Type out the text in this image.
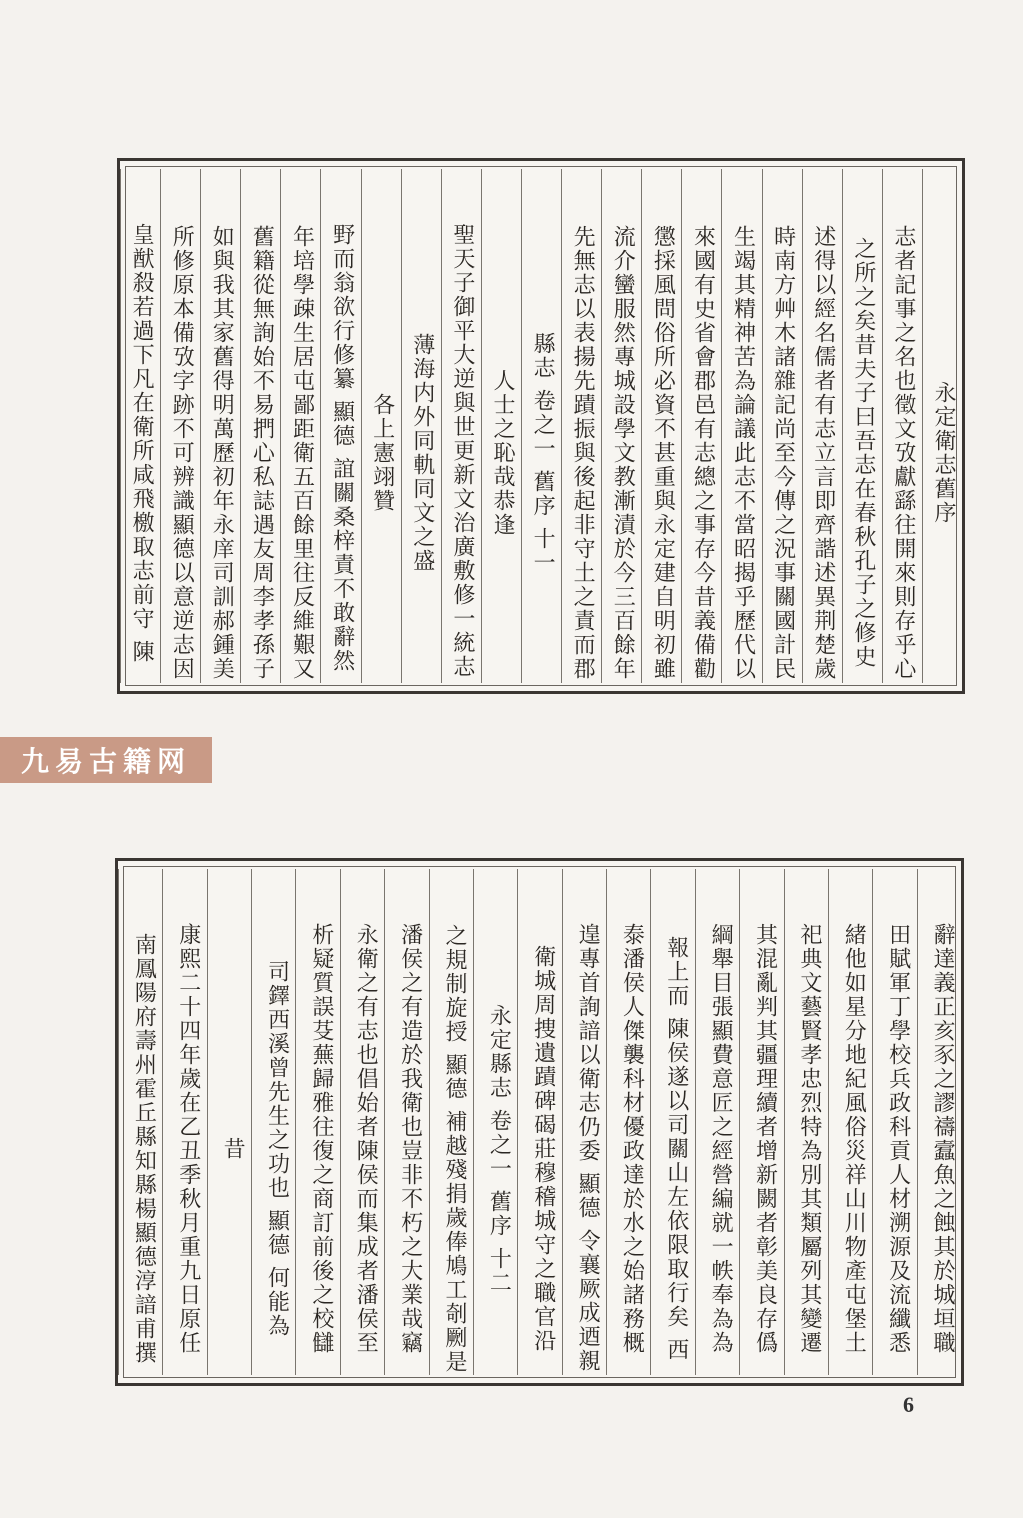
永定衛志舊序
志者記事之名也徵文攷獻繇往開來則存乎心
之所之矣昔夫子曰吾志在春秋孔子之修史
述得以經名儒者有志立言即齊諧述異荆楚歲
時南方艸木諸雜記尚至今傳之況事關國計民
生竭其精神苦為論議此志不當昭揭乎歷代以
來國有史省會郡邑有志總之事存今昔義備勸
懲採風問俗所必資不甚重與永定建自明初雖
流介蠻服然專城設學文教漸漬於今三百餘年
先無志以表揚先蹟振與後起非守土之責而郡
縣志 卷之一 舊序 十一
人士之恥哉恭逢
聖天子御平大逆與世更新文治廣敷修一統志
薄海内外同軌同文之盛
各上憲翊贊
野而翁欲行修纂 顯德 誼關桑梓責不敢辭然
年培學疎生居屯鄙距衛五百餘里往反維艱又
舊籍從無詢始不易捫心私誌遇友周李孝孫子
如與我其家舊得明萬歷初年永庠司訓郝鍾美
所修原本備攷字跡不可辨識顯德以意逆志因
皇猷殺若過下凡在衛所咸飛檄取志前守 陳
辭達義正亥豕之謬禱蠧魚之蝕其於城垣職
田賦軍丁學校兵政科貢人材溯源及流纖悉
緒他如星分地紀風俗災祥山川物產屯堡土
祀典文藝賢孝忠烈特為別其類屬列其變遷
其混亂判其疆理續者增新闕者彰美良存僞
綱舉目張顯費意匠之經營編就一帙奉為為
報上而 陳侯遂以司關山左依限取行矣 西
泰潘侯人傑襲科材優政達於水之始諸務概
遑專首詢諳以衛志仍委 顯德 令襄厥成迺親
衛城周捜遺蹟碑碣莊穆稽城守之職官沿
永定縣志 卷之一 舊序 十二
之規制旋授 顯德 補越殘捐歲俸鳩工剞劂是
潘侯之有造於我衛也豈非不朽之大業哉竊
永衛之有志也倡始者陳侯而集成者潘侯至
析疑質誤芟蕪歸雅往復之商訂前後之校讎
司鐸西溪曾先生之功也 顯德 何能為
昔
康熙二十四年歲在乙丑季秋月重九日原任
南鳳陽府壽州霍丘縣知縣楊顯德淳諳甫撰
九易古籍网
6
